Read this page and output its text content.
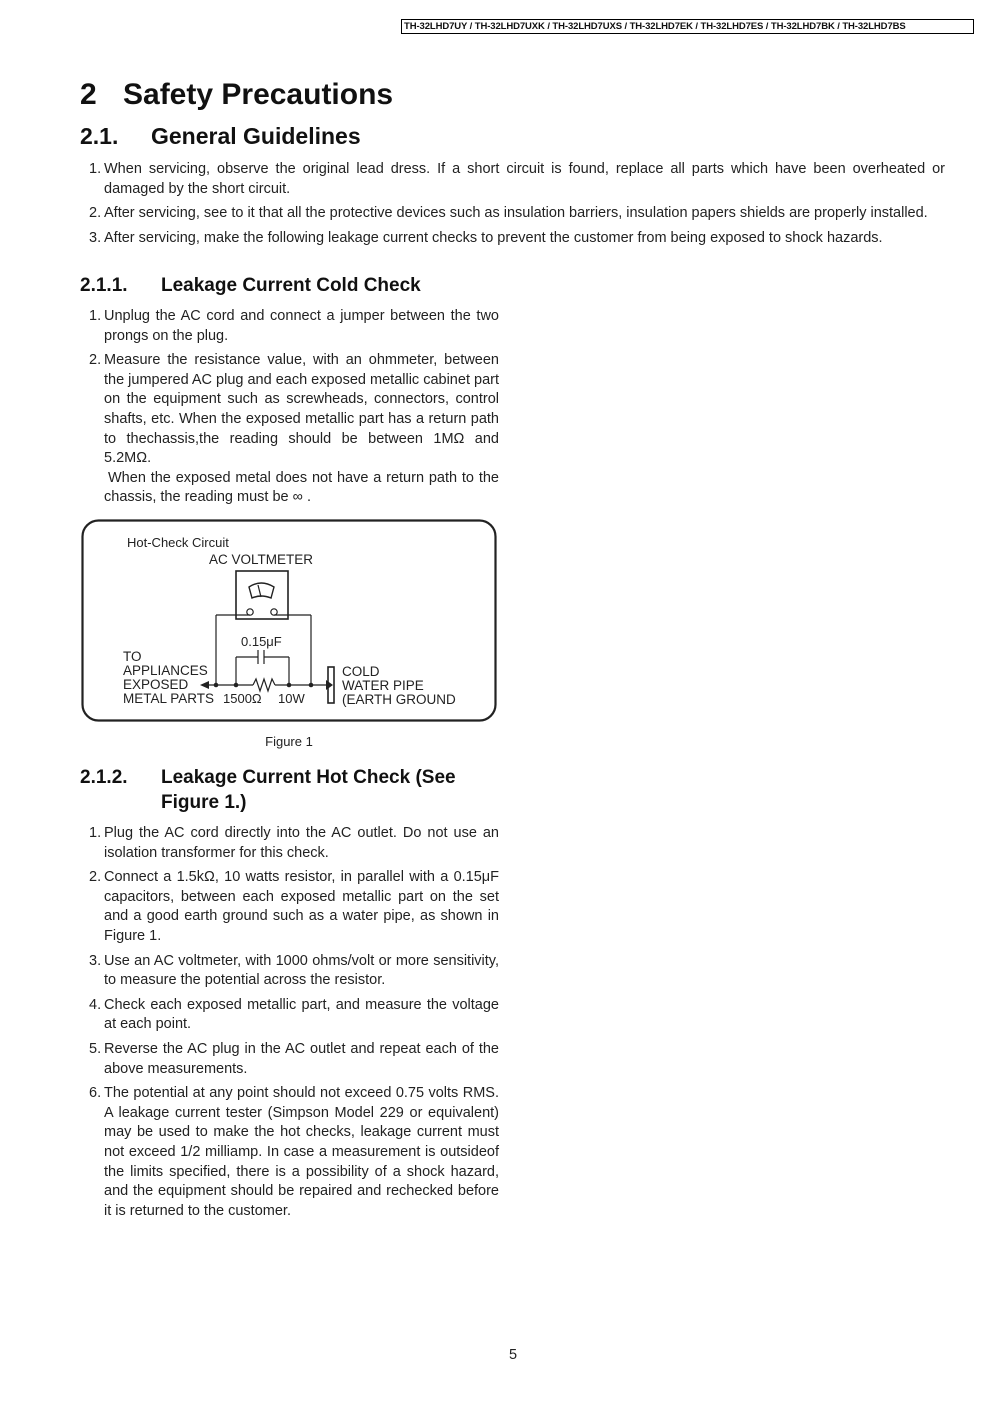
TH-32LHD7UY / TH-32LHD7UXK / TH-32LHD7UXS / TH-32LHD7EK / TH-32LHD7ES / TH-32LHD7BK / TH-32LHD7BS
2 Safety Precautions
2.1. General Guidelines
1. When servicing, observe the original lead dress. If a short circuit is found, replace all parts which have been overheated or damaged by the short circuit.
2. After servicing, see to it that all the protective devices such as insulation barriers, insulation papers shields are properly installed.
3. After servicing, make the following leakage current checks to prevent the customer from being exposed to shock hazards.
2.1.1. Leakage Current Cold Check
1. Unplug the AC cord and connect a jumper between the two prongs on the plug.
2. Measure the resistance value, with an ohmmeter, between the jumpered AC plug and each exposed metallic cabinet part on the equipment such as screwheads, connectors, control shafts, etc. When the exposed metallic part has a return path to thechassis,the reading should be between 1MΩ and 5.2MΩ.
When the exposed metal does not have a return path to the chassis, the reading must be ∞ .
Hot-Check Circuit
AC VOLTMETER
0.15μF
TO
APPLIANCES
EXPOSED
METAL PARTS 1500Ω 10W
COLD
WATER PIPE
(EARTH GROUND
Figure 1
2.1.2. Leakage Current Hot Check (See Figure 1.)
1. Plug the AC cord directly into the AC outlet. Do not use an isolation transformer for this check.
2. Connect a 1.5kΩ, 10 watts resistor, in parallel with a 0.15μF capacitors, between each exposed metallic part on the set and a good earth ground such as a water pipe, as shown in Figure 1.
3. Use an AC voltmeter, with 1000 ohms/volt or more sensitivity, to measure the potential across the resistor.
4. Check each exposed metallic part, and measure the voltage at each point.
5. Reverse the AC plug in the AC outlet and repeat each of the above measurements.
6. The potential at any point should not exceed 0.75 volts RMS. A leakage current tester (Simpson Model 229 or equivalent) may be used to make the hot checks, leakage current must not exceed 1/2 milliamp. In case a measurement is outsideof the limits specified, there is a possibility of a shock hazard, and the equipment should be repaired and rechecked before it is returned to the customer.
5
